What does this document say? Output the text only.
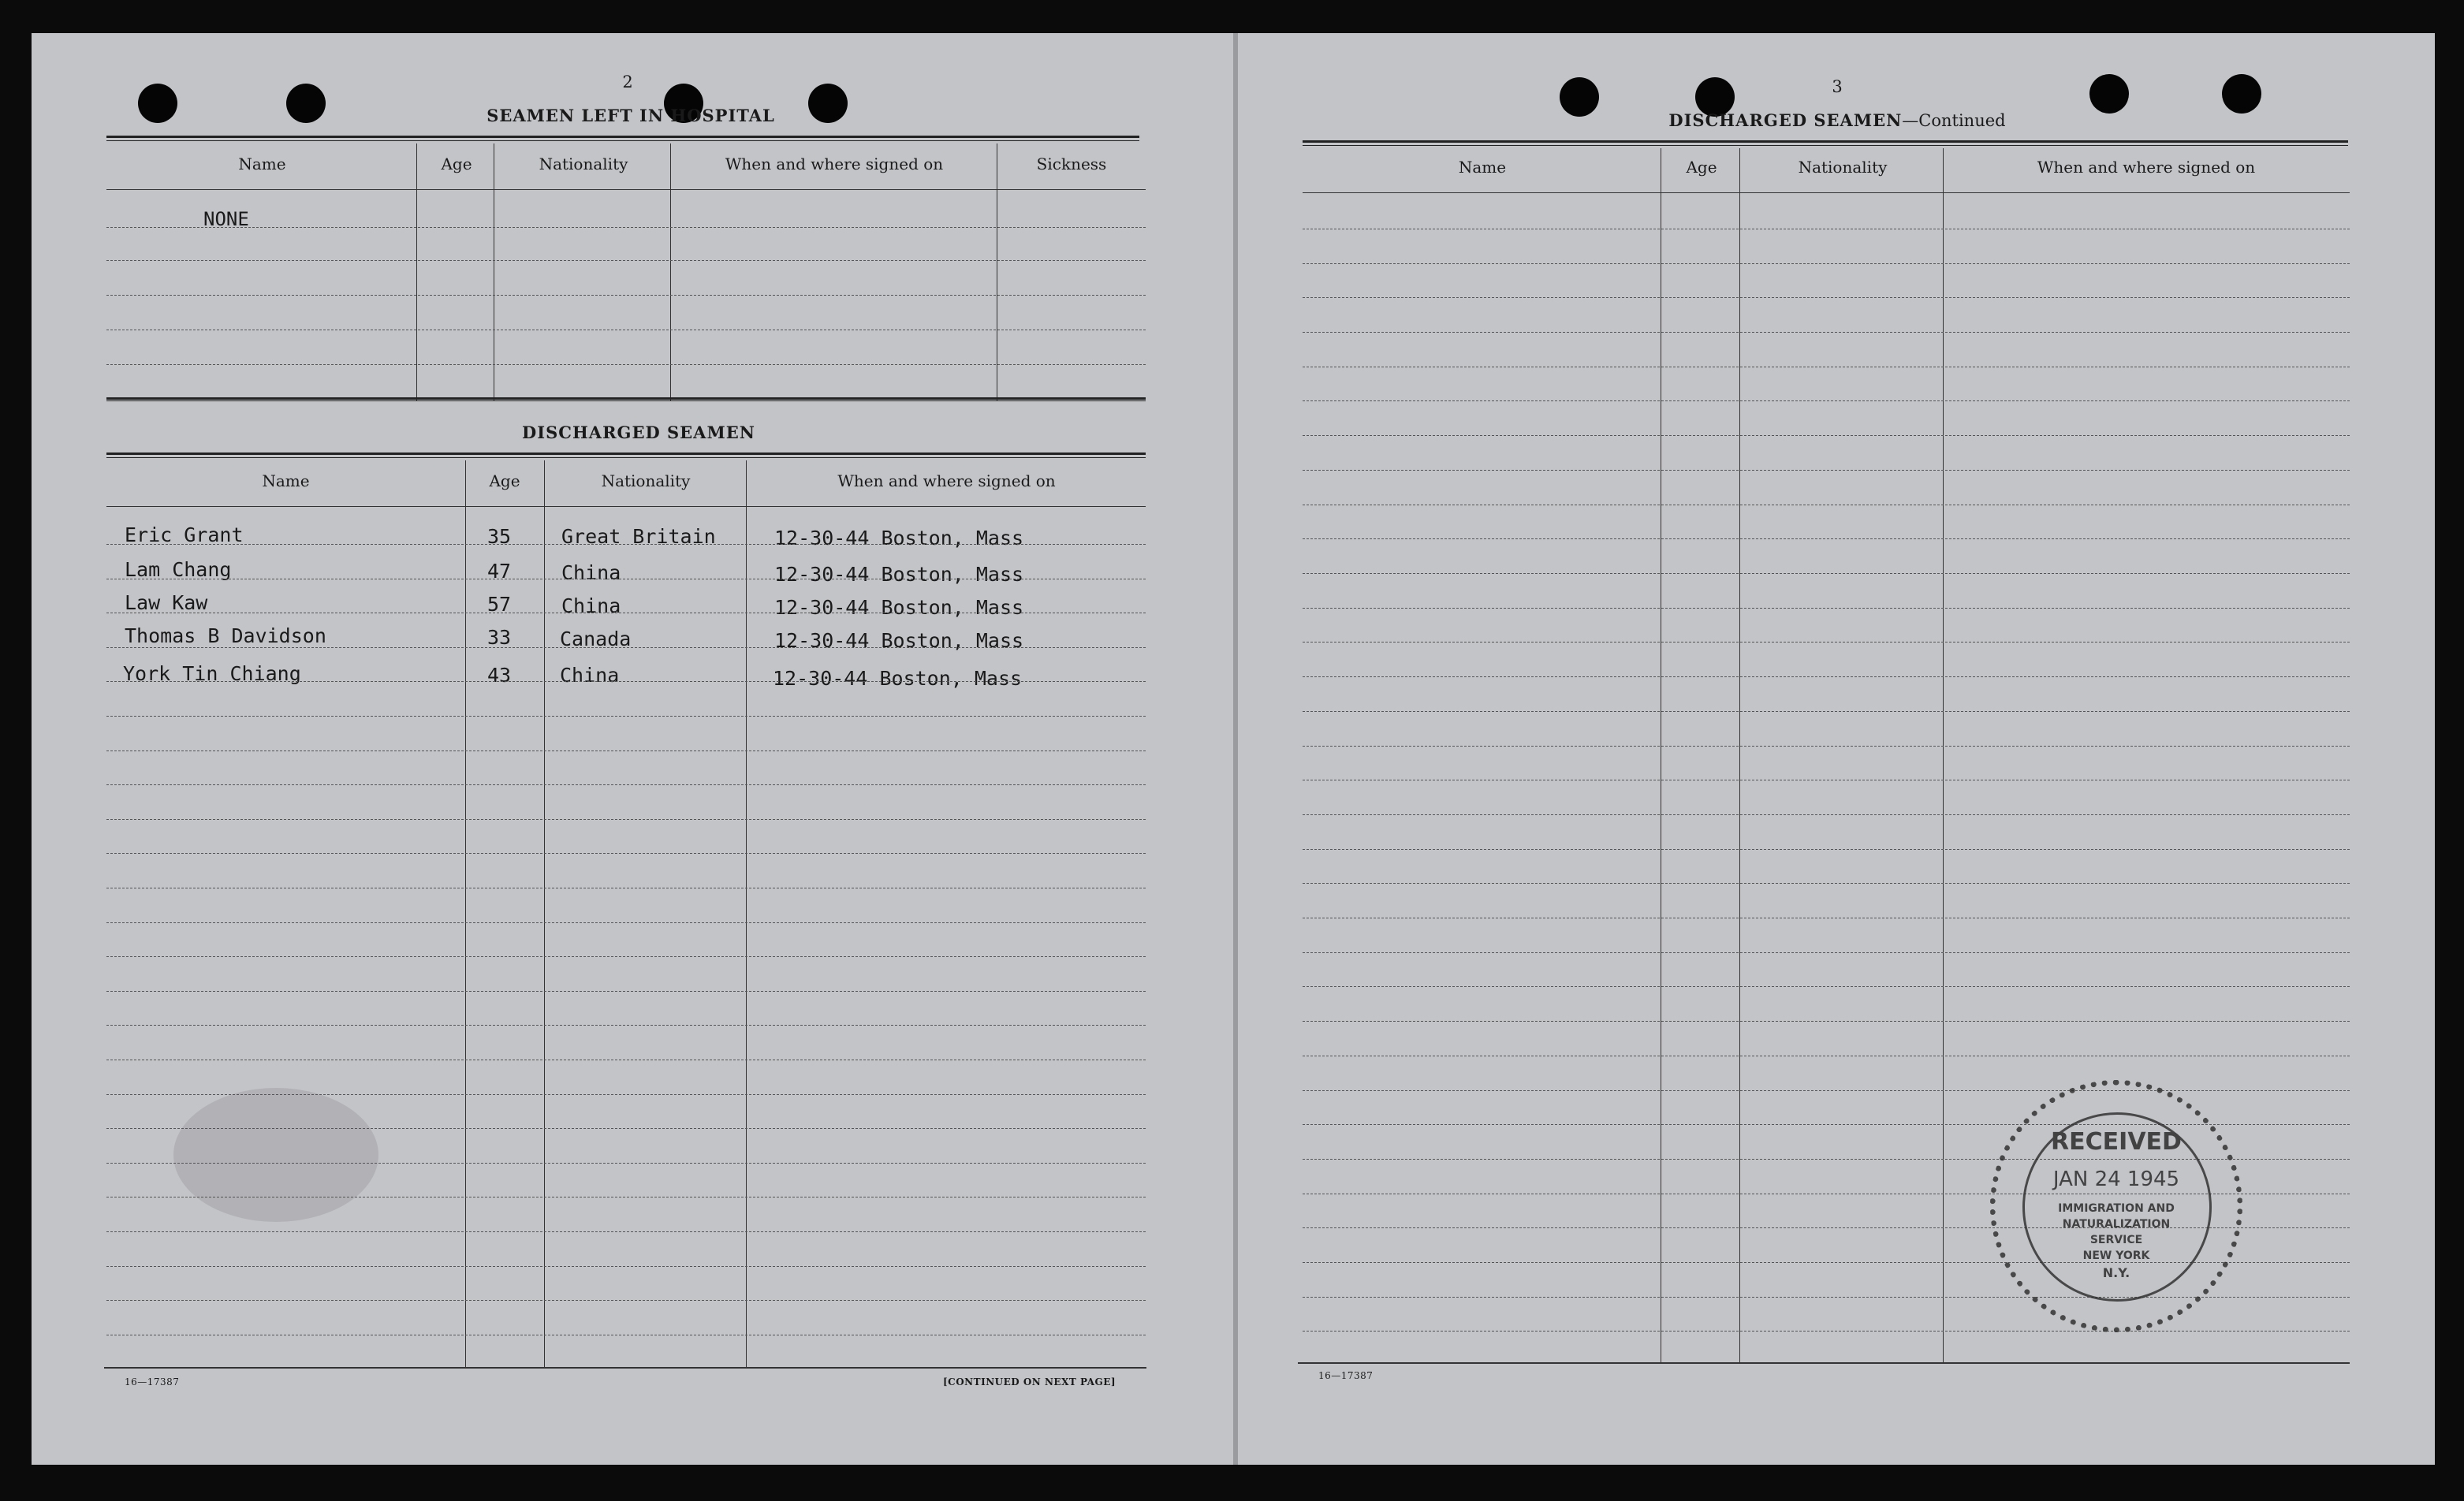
2
SEAMEN LEFT IN HOSPITAL
Name	Age	Nationality	When and where signed on	Sickness
NONE
DISCHARGED SEAMEN
Name	Age	Nationality	When and where signed on
Eric Grant	35	Great Britain	12-30-44 Boston, Mass
Lam Chang	47	China	12-30-44 Boston, Mass
Law Kaw	57	China	12-30-44 Boston, Mass
Thomas B Davidson	33 Canada	12-30-44 Boston, Mass
York Tin Chiang	43 China	12-30-44 Boston, Mass
16—17387	[CONTINUED ON NEXT PAGE]
3
DISCHARGED SEAMEN—Continued
Name	Age	Nationality	When and where signed on
16—17387
RECEIVED
JAN 24 1945
IMMIGRATION AND
NATURALIZATION
SERVICE
NEW YORK
N.Y.
